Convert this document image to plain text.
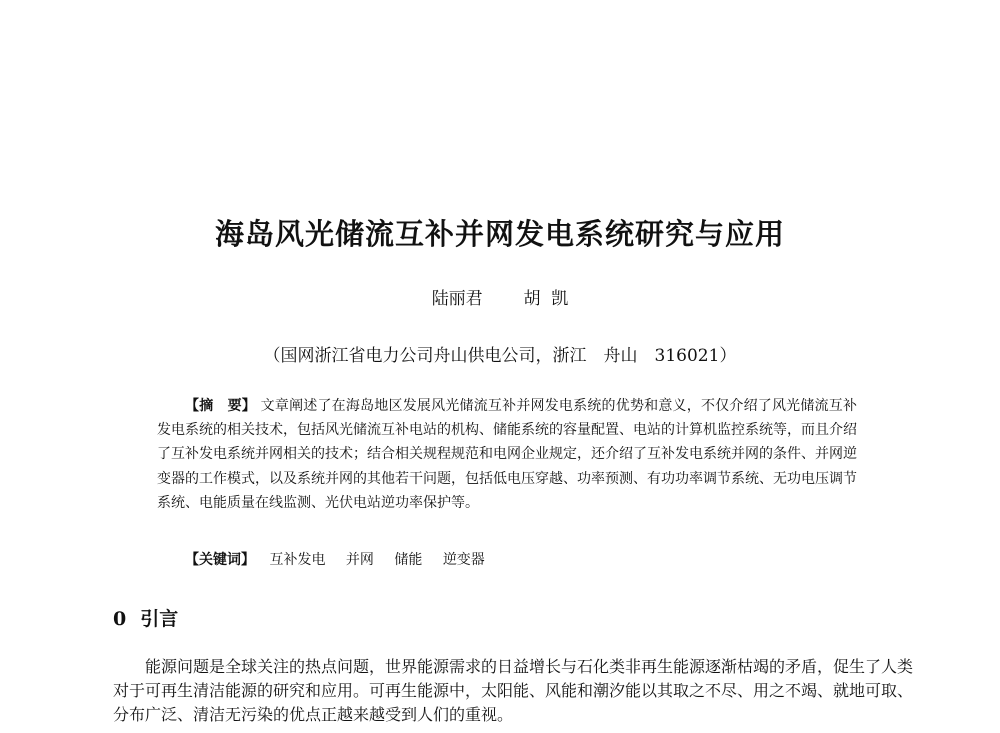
海岛风光储流互补并网发电系统研究与应用
陆丽君 胡  凯
（国网浙江省电力公司舟山供电公司，浙江　舟山　316021）
【摘　要】 文章阐述了在海岛地区发展风光储流互补并网发电系统的优势和意义，不仅介绍了风光储流互补发电系统的相关技术，包括风光储流互补电站的机构、储能系统的容量配置、电站的计算机监控系统等，而且介绍了互补发电系统并网相关的技术；结合相关规程规范和电网企业规定，还介绍了互补发电系统并网的条件、并网逆变器的工作模式，以及系统并网的其他若干问题，包括低电压穿越、功率预测、有功功率调节系统、无功电压调节系统、电能质量在线监测、光伏电站逆功率保护等。
【关键词】 互补发电 并网 储能 逆变器
0 引言
能源问题是全球关注的热点问题，世界能源需求的日益增长与石化类非再生能源逐渐枯竭的矛盾，促生了人类对于可再生清洁能源的研究和应用。可再生能源中，太阳能、风能和潮汐能以其取之不尽、用之不竭、就地可取、分布广泛、清洁无污染的优点正越来越受到人们的重视。
